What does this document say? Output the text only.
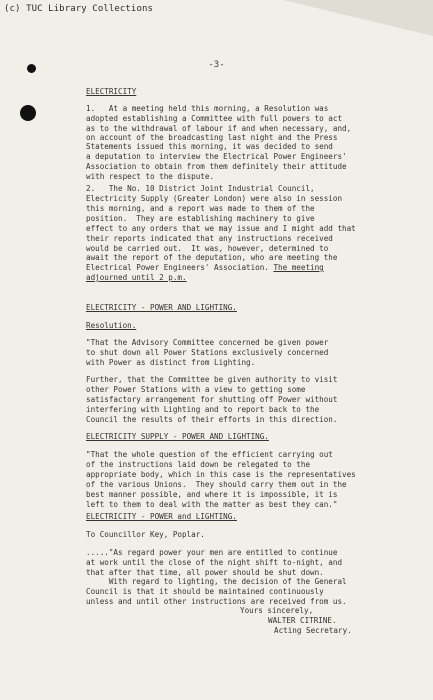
(c) TUC Library Collections
-3-
ELECTRICITY
1.   At a meeting held this morning, a Resolution was
adopted establishing a Committee with full powers to act
as to the withdrawal of labour if and when necessary, and,
on account of the broadcasting last night and the Press
Statements issued this morning, it was decided to send
a deputation to interview the Electrical Power Engineers'
Association to obtain from them definitely their attitude
with respect to the dispute.
2.   The No. 10 District Joint Industrial Council,
Electricity Supply (Greater London) were also in session
this morning, and a report was made to them of the
position.  They are establishing machinery to give
effect to any orders that we may issue and I might add that
their reports indicated that any instructions received
would be carried out.  It was, however, determined to
await the report of the deputation, who are meeting the
Electrical Power Engineers' Association. The meeting
adjourned until 2 p.m.
ELECTRICITY - POWER AND LIGHTING.
Resolution.
"That the Advisory Committee concerned be given power
to shut down all Power Stations exclusively concerned
with Power as distinct from Lighting.
Further, that the Committee be given authority to visit
other Power Stations with a view to getting some
satisfactory arrangement for shutting off Power without
interfering with Lighting and to report back to the
Council the results of their efforts in this direction.
ELECTRICITY SUPPLY - POWER AND LIGHTING.
"That the whole question of the efficient carrying out
of the instructions laid down be relegated to the
appropriate body, which in this case is the representatives
of the various Unions.  They should carry them out in the
best manner possible, and where it is impossible, it is
left to them to deal with the matter as best they can."
ELECTRICITY - POWER and LIGHTING.
To Councillor Key, Poplar.
....."As regard power your men are entitled to continue
at work until the close of the night shift to-night, and
that after that time, all power should be shut down.
With regard to lighting, the decision of the General
Council is that it should be maintained continuously
unless and until other instructions are received from us.
Yours sincerely,
WALTER CITRINE.
Acting Secretary.
